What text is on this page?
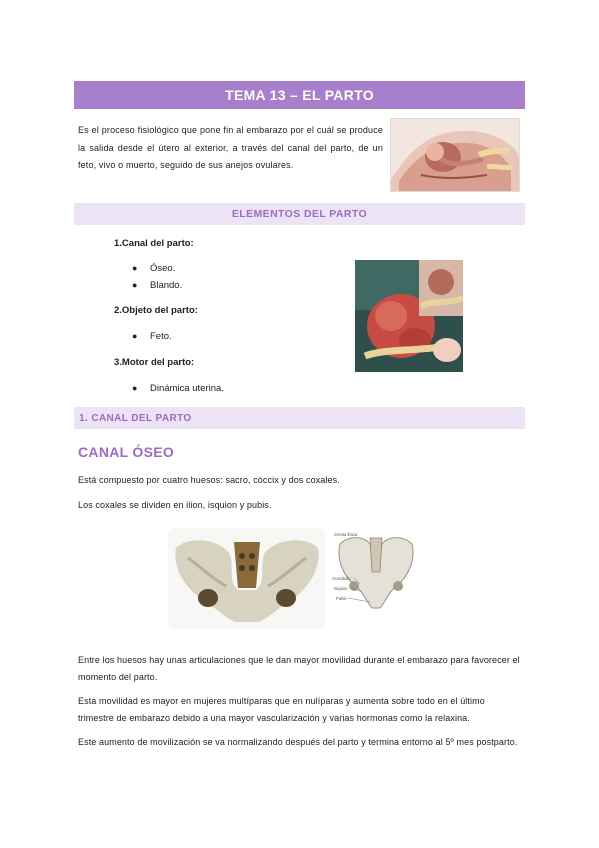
TEMA 13 – EL PARTO
Es el proceso fisiológico que pone fin al embarazo por el cuál se produce la salida desde el útero al exterior, a través del canal del parto, de un feto, vivo o muerto, seguido de sus anejos ovulares.
ELEMENTOS DEL PARTO
1.Canal del parto:
● Óseo.
● Blando.
2.Objeto del parto:
● Feto.
3.Motor del parto:
● Dinámica uterina.
1. CANAL DEL PARTO
CANAL ÓSEO
Está compuesto por cuatro huesos: sacro, cóccix y dos coxales.
Los coxales se dividen en ilion, isquion y pubis.
Cresta ilíaca
Acetábulo
Isquion
Pubis
Entre los huesos hay unas articulaciones que le dan mayor movilidad durante el embarazo para favorecer el momento del parto.
Esta movilidad es mayor en mujeres multíparas que en nulíparas y aumenta sobre todo en el último trimestre de embarazo debido a una mayor vascularización y varias hormonas como la relaxina.
Este aumento de movilización se va normalizando después del parto y termina entorno al 5º mes postparto.
